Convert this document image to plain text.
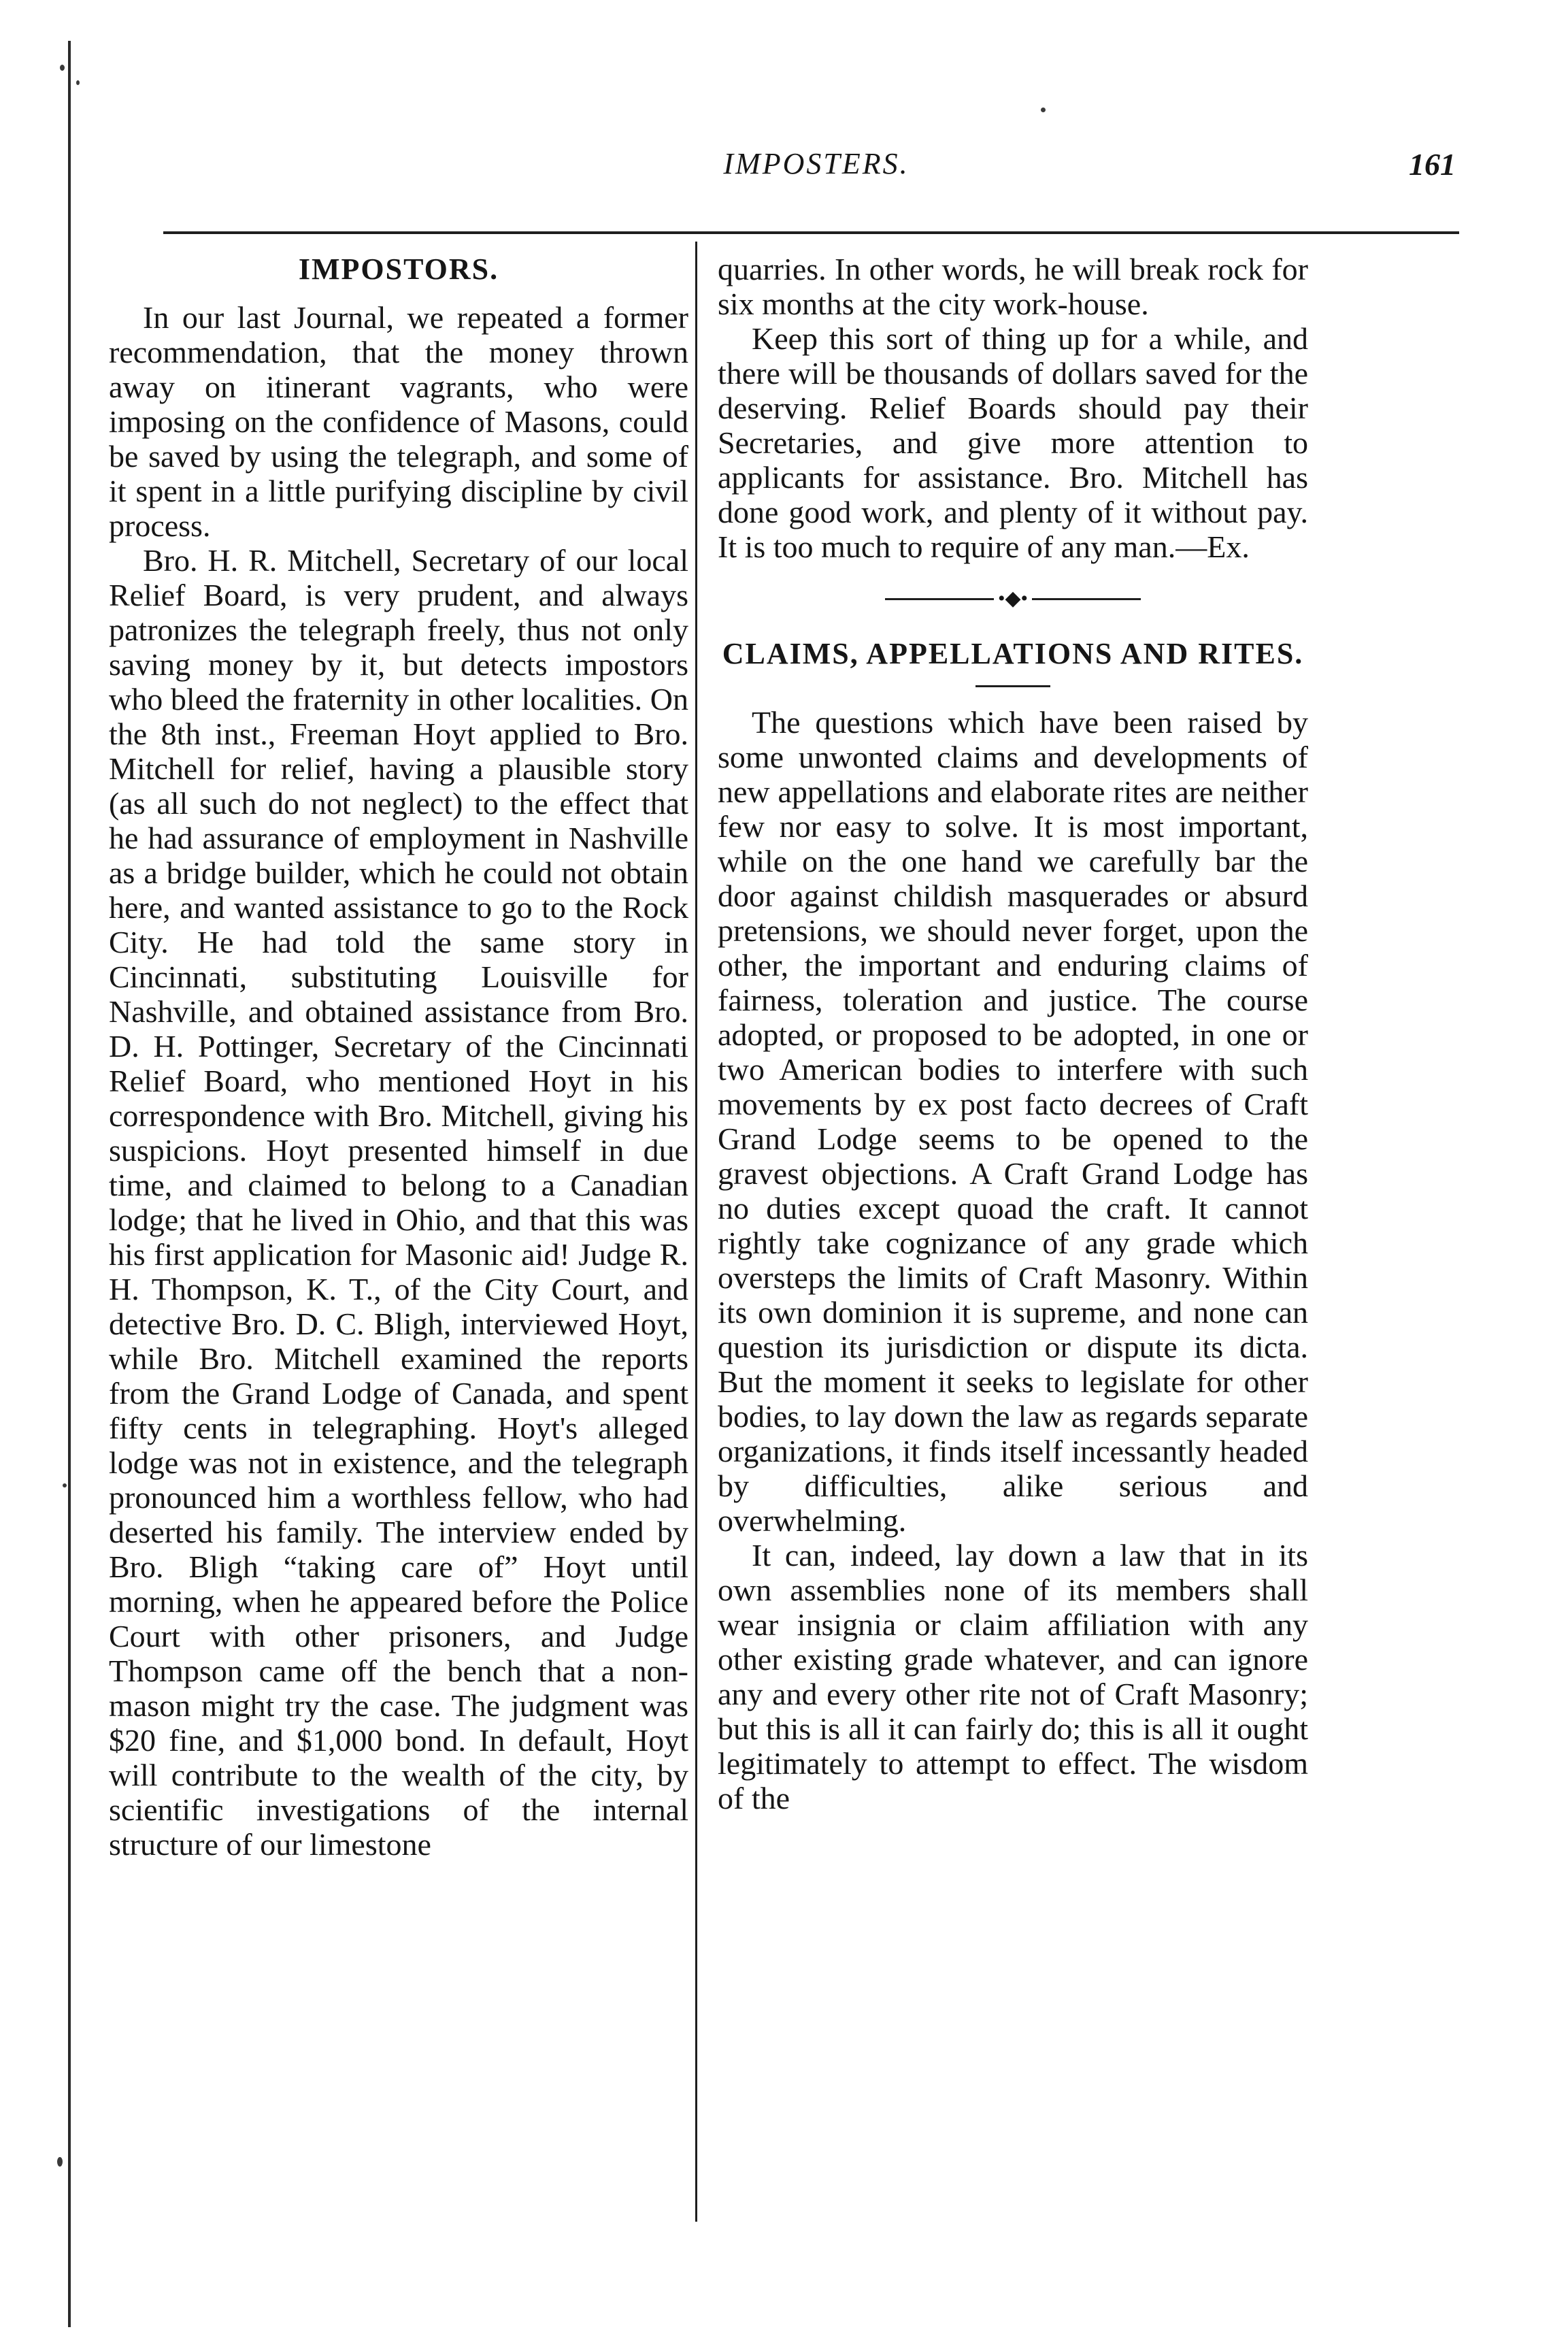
IMPOSTERS.	161
IMPOSTORS.

In our last Journal, we repeated a former recommendation, that the money thrown away on itinerant vagrants, who were imposing on the confidence of Masons, could be saved by using the telegraph, and some of it spent in a little purifying discipline by civil process.

Bro. H. R. Mitchell, Secretary of our local Relief Board, is very prudent, and always patronizes the telegraph freely, thus not only saving money by it, but detects impostors who bleed the fraternity in other localities. On the 8th inst., Freeman Hoyt applied to Bro. Mitchell for relief, having a plausible story (as all such do not neglect) to the effect that he had assurance of employment in Nashville as a bridge builder, which he could not obtain here, and wanted assistance to go to the Rock City. He had told the same story in Cincinnati, substituting Louisville for Nashville, and obtained assistance from Bro. D. H. Pottinger, Secretary of the Cincinnati Relief Board, who mentioned Hoyt in his correspondence with Bro. Mitchell, giving his suspicions. Hoyt presented himself in due time, and claimed to belong to a Canadian lodge; that he lived in Ohio, and that this was his first application for Masonic aid! Judge R. H. Thompson, K. T., of the City Court, and detective Bro. D. C. Bligh, interviewed Hoyt, while Bro. Mitchell examined the reports from the Grand Lodge of Canada, and spent fifty cents in telegraphing. Hoyt's alleged lodge was not in existence, and the telegraph pronounced him a worthless fellow, who had deserted his family. The interview ended by Bro. Bligh “taking care of” Hoyt until morning, when he appeared before the Police Court with other prisoners, and Judge Thompson came off the bench that a non-mason might try the case. The judgment was $20 fine, and $1,000 bond. In default, Hoyt will contribute to the wealth of the city, by scientific investigations of the internal structure of our limestone

quarries. In other words, he will break rock for six months at the city work-house.

Keep this sort of thing up for a while, and there will be thousands of dollars saved for the deserving. Relief Boards should pay their Secretaries, and give more attention to applicants for assistance. Bro. Mitchell has done good work, and plenty of it without pay. It is too much to require of any man.—Ex.

•◆•
CLAIMS, APPELLATIONS AND RITES.

The questions which have been raised by some unwonted claims and developments of new appellations and elaborate rites are neither few nor easy to solve. It is most important, while on the one hand we carefully bar the door against childish masquerades or absurd pretensions, we should never forget, upon the other, the important and enduring claims of fairness, toleration and justice. The course adopted, or proposed to be adopted, in one or two American bodies to interfere with such movements by ex post facto decrees of Craft Grand Lodge seems to be opened to the gravest objections. A Craft Grand Lodge has no duties except quoad the craft. It cannot rightly take cognizance of any grade which oversteps the limits of Craft Masonry. Within its own dominion it is supreme, and none can question its jurisdiction or dispute its dicta. But the moment it seeks to legislate for other bodies, to lay down the law as regards separate organizations, it finds itself incessantly headed by difficulties, alike serious and overwhelming.

It can, indeed, lay down a law that in its own assemblies none of its members shall wear insignia or claim affiliation with any other existing grade whatever, and can ignore any and every other rite not of Craft Masonry; but this is all it can fairly do; this is all it ought legitimately to attempt to effect. The wisdom of the
